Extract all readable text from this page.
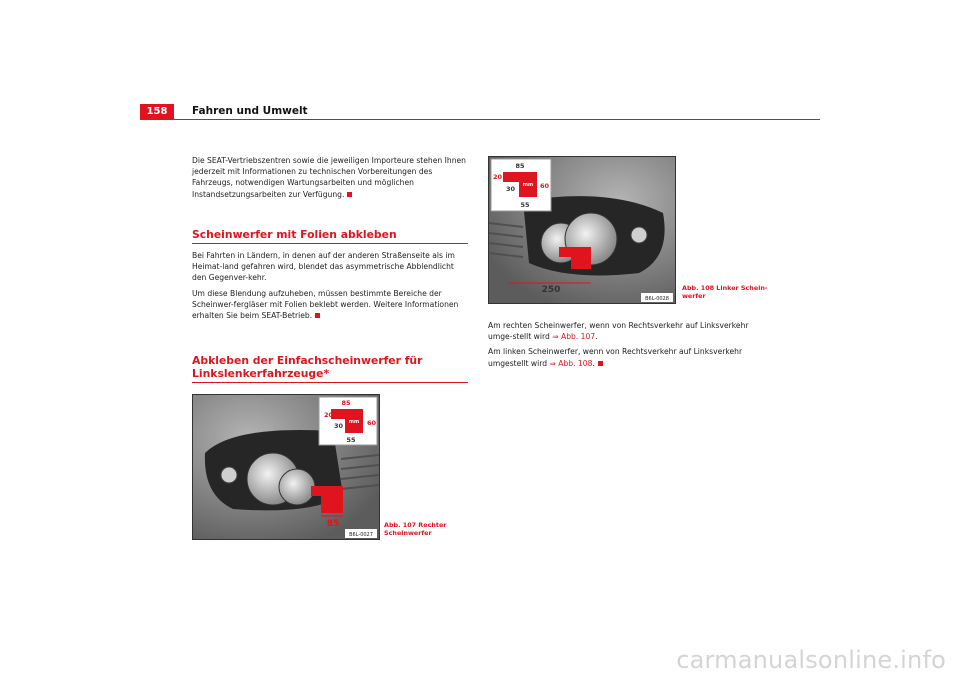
158	Fahren und Umwelt

Die SEAT-Vertriebszentren sowie die jeweiligen Importeure stehen Ihnen jederzeit mit Informationen zu technischen Vorbereitungen des Fahrzeugs, notwendigen Wartungsarbeiten und möglichen Instandsetzungsarbeiten zur Verfügung.

Scheinwerfer mit Folien abkleben

Bei Fahrten in Ländern, in denen auf der anderen Straßenseite als im Heimat-land gefahren wird, blendet das asymmetrische Abblendlicht den Gegenver-kehr.

Um diese Blendung aufzuheben, müssen bestimmte Bereiche der Scheinwer-fergläser mit Folien beklebt werden. Weitere Informationen erhalten Sie beim SEAT-Betrieb.

Abkleben der Einfachscheinwerfer für
Linkslenkerfahrzeuge*
85
85
20
30	60
55
mm
B6L-0027
Abb. 107 Rechter
Scheinwerfer
250
85
20
30	60
55
mm
B6L-0028
Abb. 108 Linker Schein-
werfer

Am rechten Scheinwerfer, wenn von Rechtsverkehr auf Linksverkehr umge-stellt wird ⇒ Abb. 107.

Am linken Scheinwerfer, wenn von Rechtsverkehr auf Linksverkehr umgestellt wird ⇒ Abb. 108.

carmanualsonline.info
